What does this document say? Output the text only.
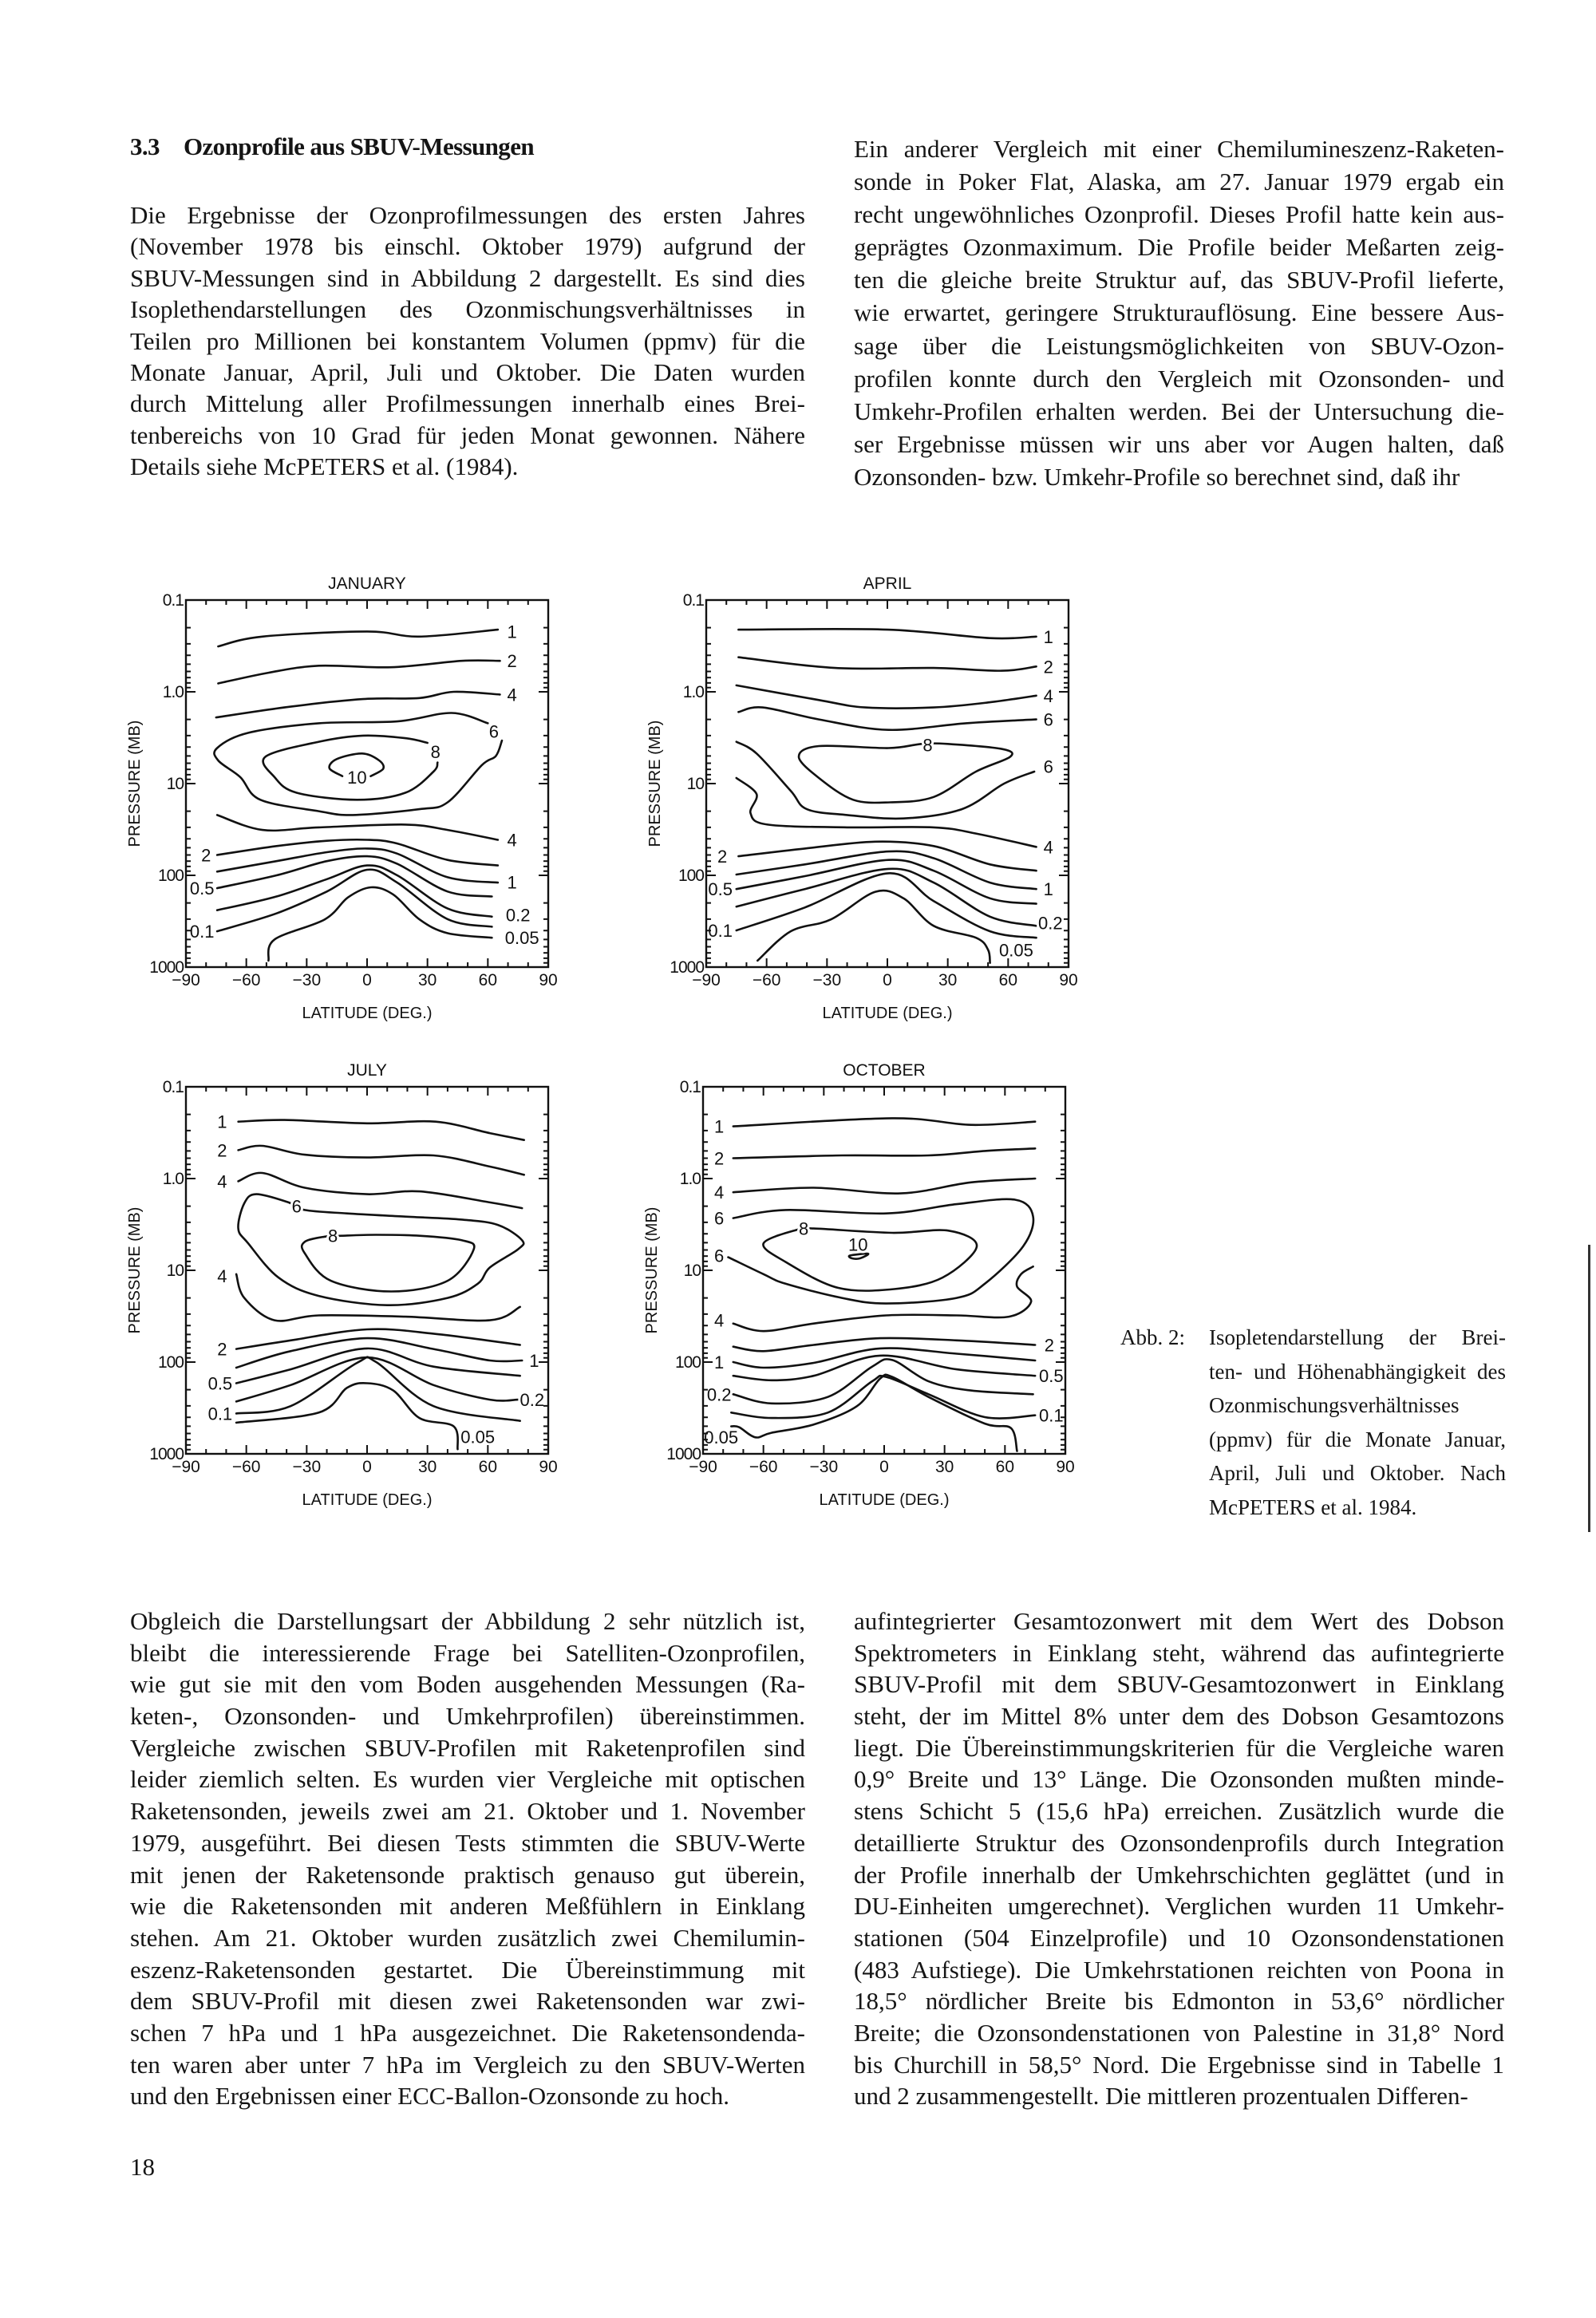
3.3 Ozonprofile aus SBUV-Messungen
Die Ergebnisse der Ozonprofilmessungen des ersten Jahres
(November 1978 bis einschl. Oktober 1979) aufgrund der
SBUV-Messungen sind in Abbildung 2 dargestellt. Es sind dies
Isoplethendarstellungen des Ozonmischungsverhältnisses in
Teilen pro Millionen bei konstantem Volumen (ppmv) für die
Monate Januar, April, Juli und Oktober. Die Daten wurden
durch Mittelung aller Profilmessungen innerhalb eines Brei-
tenbereichs von 10 Grad für jeden Monat gewonnen. Nähere
Details siehe McPETERS et al. (1984).
Ein anderer Vergleich mit einer Chemilumineszenz-Raketen-
sonde in Poker Flat, Alaska, am 27. Januar 1979 ergab ein
recht ungewöhnliches Ozonprofil. Dieses Profil hatte kein aus-
geprägtes Ozonmaximum. Die Profile beider Meßarten zeig-
ten die gleiche breite Struktur auf, das SBUV-Profil lieferte,
wie erwartet, geringere Strukturauflösung. Eine bessere Aus-
sage über die Leistungsmöglichkeiten von SBUV-Ozon-
profilen konnte durch den Vergleich mit Ozonsonden- und
Umkehr-Profilen erhalten werden. Bei der Untersuchung die-
ser Ergebnisse müssen wir uns aber vor Augen halten, daß
Ozonsonden- bzw. Umkehr-Profile so berechnet sind, daß ihr
JANUARY
1
2
4
6
8
10
4
2
1
0.5
0.2
0.1	0.05
−90 −60 −30 0	30 60 90
0.1
1.0
10
100
1000
LATITUDE (DEG.)
PRESSURE (MB)
APRIL
1
2
4
6
8
6
4
2
1
0.5
0.2
0.1
0.05
−90 −60 −30 0	30 60 90
0.1
1.0
10
100
1000
LATITUDE (DEG.)
PRESSURE (MB)
JULY
1
2
4
6
8
4
2
1
0.5
0.2
0.1
0.05
−90 −60 −30 0	30 60 90
0.1
1.0
10
100
1000
LATITUDE (DEG.)
PRESSURE (MB)
OCTOBER
1
2
4
6
6
8
10
4
2
1
0.5
0.2
0.1
0.05
−90 −60 −30 0	30 60 90
0.1
1.0
10
100
1000
LATITUDE (DEG.)
PRESSURE (MB)
Abb. 2: Isopletendarstellung der Brei-
ten- und Höhenabhängigkeit des
Ozonmischungsverhältnisses
(ppmv) für die Monate Januar,
April, Juli und Oktober. Nach
McPETERS et al. 1984.
Obgleich die Darstellungsart der Abbildung 2 sehr nützlich ist,
bleibt die interessierende Frage bei Satelliten-Ozonprofilen,
wie gut sie mit den vom Boden ausgehenden Messungen (Ra-
keten-, Ozonsonden- und Umkehrprofilen) übereinstimmen.
Vergleiche zwischen SBUV-Profilen mit Raketenprofilen sind
leider ziemlich selten. Es wurden vier Vergleiche mit optischen
Raketensonden, jeweils zwei am 21. Oktober und 1. November
1979, ausgeführt. Bei diesen Tests stimmten die SBUV-Werte
mit jenen der Raketensonde praktisch genauso gut überein,
wie die Raketensonden mit anderen Meßfühlern in Einklang
stehen. Am 21. Oktober wurden zusätzlich zwei Chemilumin-
eszenz-Raketensonden gestartet. Die Übereinstimmung mit
dem SBUV-Profil mit diesen zwei Raketensonden war zwi-
schen 7 hPa und 1 hPa ausgezeichnet. Die Raketensondenda-
ten waren aber unter 7 hPa im Vergleich zu den SBUV-Werten
und den Ergebnissen einer ECC-Ballon-Ozonsonde zu hoch.
aufintegrierter Gesamtozonwert mit dem Wert des Dobson
Spektrometers in Einklang steht, während das aufintegrierte
SBUV-Profil mit dem SBUV-Gesamtozonwert in Einklang
steht, der im Mittel 8% unter dem des Dobson Gesamtozons
liegt. Die Übereinstimmungskriterien für die Vergleiche waren
0,9° Breite und 13° Länge. Die Ozonsonden mußten minde-
stens Schicht 5 (15,6 hPa) erreichen. Zusätzlich wurde die
detaillierte Struktur des Ozonsondenprofils durch Integration
der Profile innerhalb der Umkehrschichten geglättet (und in
DU-Einheiten umgerechnet). Verglichen wurden 11 Umkehr-
stationen (504 Einzelprofile) und 10 Ozonsondenstationen
(483 Aufstiege). Die Umkehrstationen reichten von Poona in
18,5° nördlicher Breite bis Edmonton in 53,6° nördlicher
Breite; die Ozonsondenstationen von Palestine in 31,8° Nord
bis Churchill in 58,5° Nord. Die Ergebnisse sind in Tabelle 1
und 2 zusammengestellt. Die mittleren prozentualen Differen-
18
